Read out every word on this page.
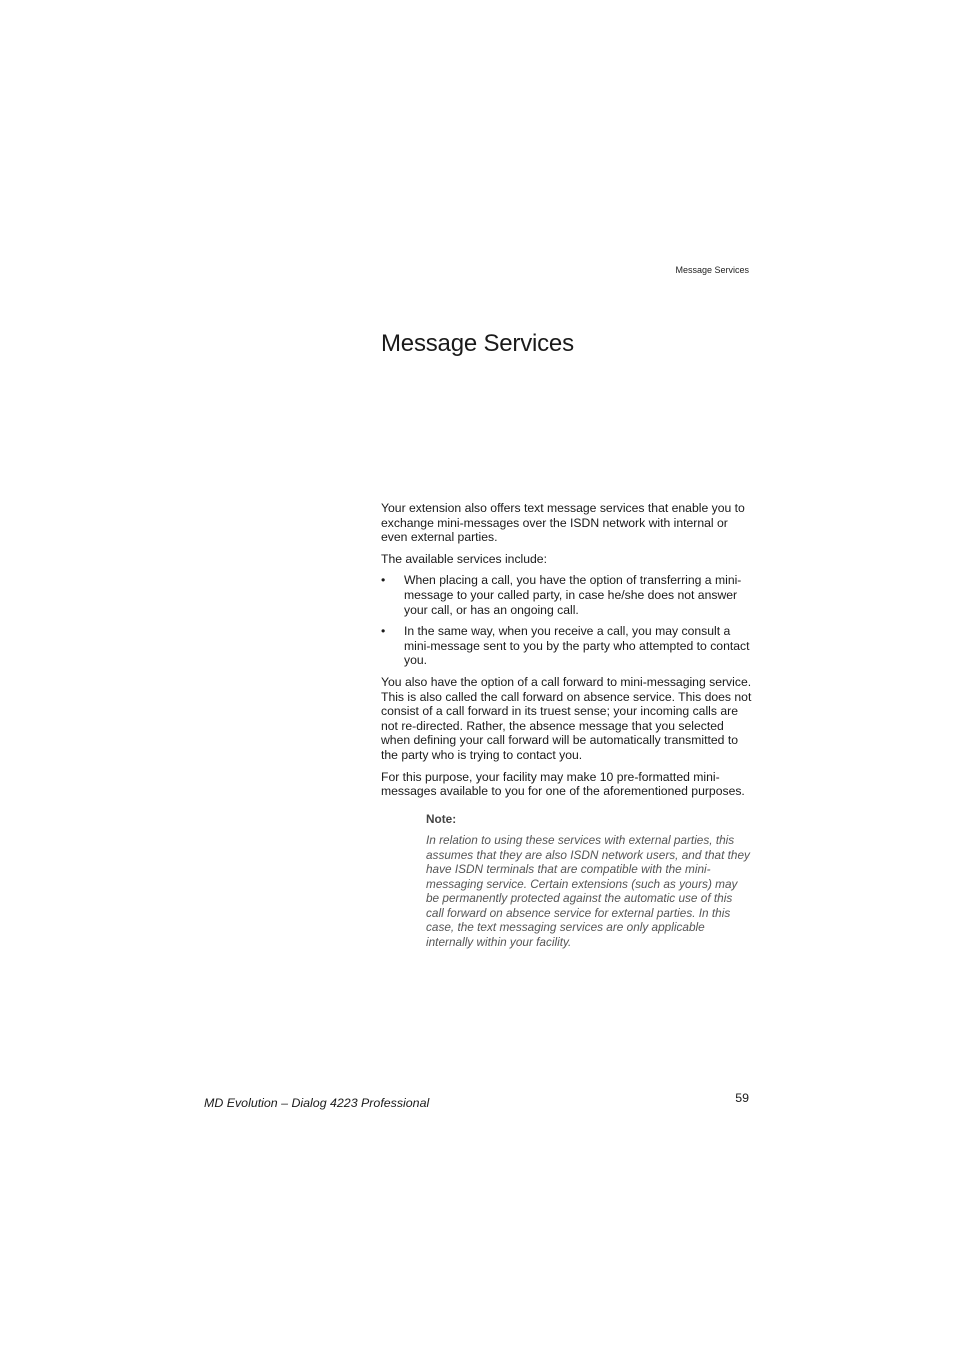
Message Services
Message Services

Your extension also offers text message services that enable you to exchange mini-messages over the ISDN network with internal or even external parties.

The available services include:

• When placing a call, you have the option of transferring a mini-message to your called party, in case he/she does not answer your call, or has an ongoing call.
• In the same way, when you receive a call, you may consult a mini-message sent to you by the party who attempted to contact you.

You also have the option of a call forward to mini-messaging service. This is also called the call forward on absence service. This does not consist of a call forward in its truest sense; your incoming calls are not re-directed. Rather, the absence message that you selected when defining your call forward will be automatically transmitted to the party who is trying to contact you.

For this purpose, your facility may make 10 pre-formatted mini-messages available to you for one of the aforementioned purposes.

Note:

In relation to using these services with external parties, this assumes that they are also ISDN network users, and that they have ISDN terminals that are compatible with the mini-messaging service. Certain extensions (such as yours) may be permanently protected against the automatic use of this call forward on absence service for external parties. In this case, the text messaging services are only applicable internally within your facility.

MD Evolution – Dialog 4223 Professional	59
